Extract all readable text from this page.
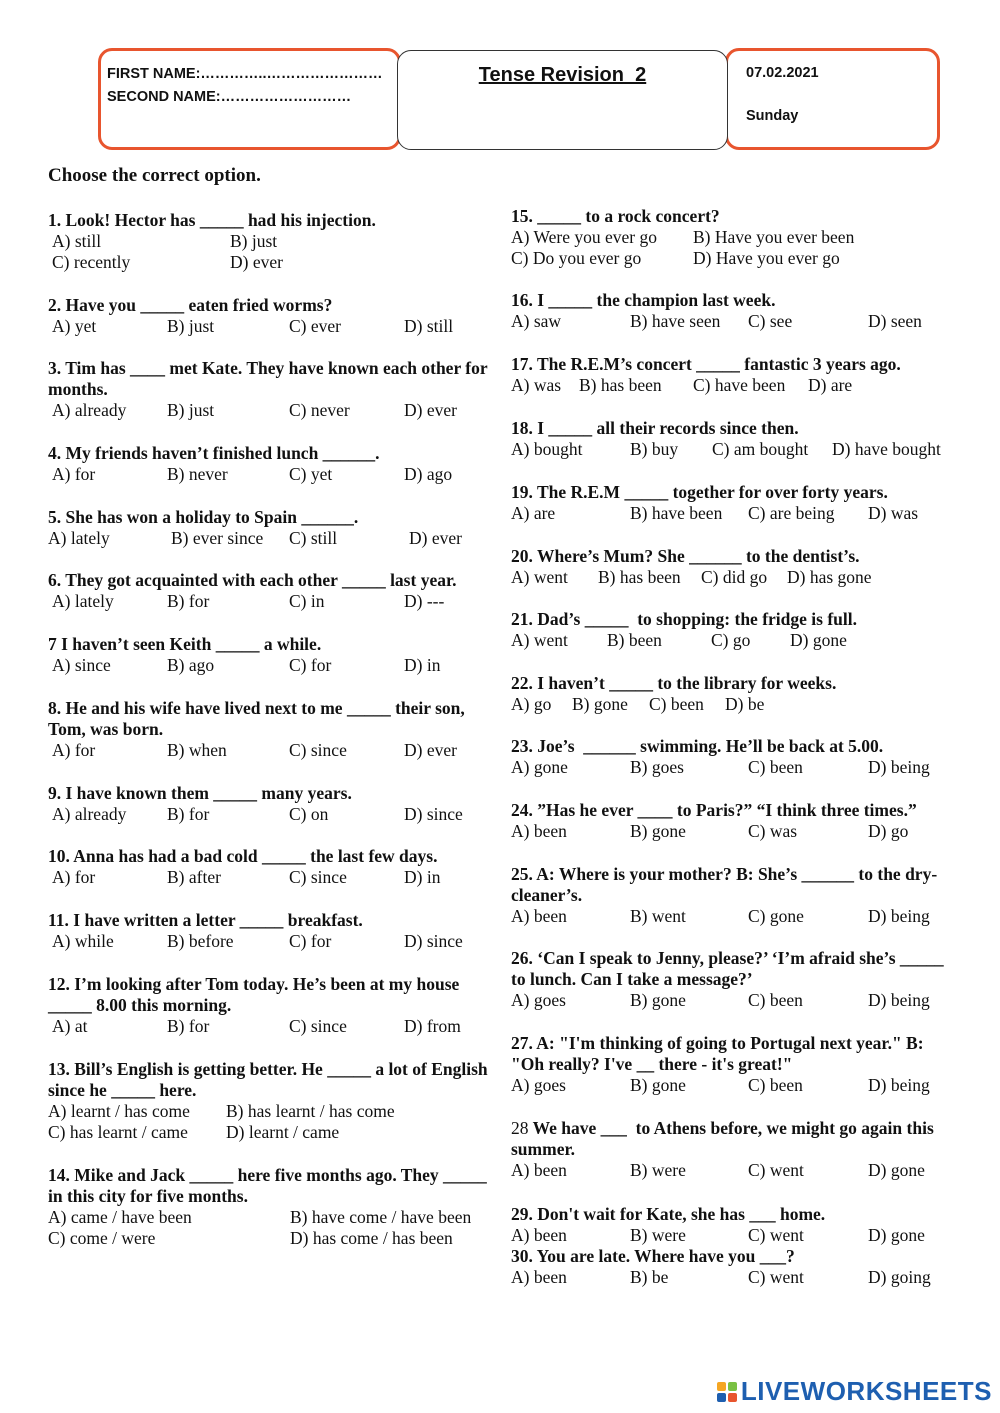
FIRST NAME:…………..……………………
SECOND NAME:………………………
Tense Revision  2	07.02.2021
Sunday
Choose the correct option.
1. Look! Hector has _____ had his injection.
A) still	B) just
C) recently	D) ever
2. Have you _____ eaten fried worms?
A) yet	B) just	C) ever	D) still
3. Tim has ____ met Kate. They have known each other for months.
A) already B) just	C) never	D) ever
4. My friends haven’t finished lunch ______.
A) for	B) never	C) yet	D) ago
5. She has won a holiday to Spain ______.
A) lately	B) ever since C) still	D) ever
6. They got acquainted with each other _____ last year.
A) lately	B) for	C) in	D) ---
7 I haven’t seen Keith _____ a while.
A) since	B) ago	C) for	D) in
8. He and his wife have lived next to me _____ their son, Tom, was born.
A) for	B) when	C) since	D) ever
9. I have known them _____ many years.
A) already B) for	C) on	D) since
10. Anna has had a bad cold _____ the last few days.
A) for	B) after	C) since	D) in
11. I have written a letter _____ breakfast.
A) while	B) before	C) for	D) since
12. I’m looking after Tom today. He’s been at my house _____ 8.00 this morning.
A) at	B) for	C) since	D) from
13. Bill’s English is getting better. He _____ a lot of English since he _____ here.
A) learnt / has come B) has learnt / has come
C) has learnt / came D) learnt / came
14. Mike and Jack _____ here five months ago. They _____ in this city for five months.
A) came / have been	B) have come / have been
C) come / were	D) has come / has been
15. _____ to a rock concert?
A) Were you ever go B) Have you ever been
C) Do you ever go	D) Have you ever go
16. I _____ the champion last week.
A) saw	B) have seen C) see	D) seen
17. The R.E.M’s concert _____ fantastic 3 years ago.
A) was B) has been C) have been D) are
18. I _____ all their records since then.
A) bought	B) buy C) am bought D) have bought
19. The R.E.M _____ together for over forty years.
A) are	B) have been C) are being D) was
20. Where’s Mum? She ______ to the dentist’s.
A) went B) has been C) did go D) has gone
21. Dad’s _____  to shopping: the fridge is full.
A) went B) been	C) go D) gone
22. I haven’t _____ to the library for weeks.
A) go B) gone C) been D) be
23. Joe’s  ______ swimming. He’ll be back at 5.00.
A) gone	B) goes	C) been	D) being
24. ”Has he ever ____ to Paris?” “I think three times.”
A) been	B) gone	C) was	D) go
25. A: Where is your mother? B: She’s ______ to the dry-cleaner’s.
A) been	B) went	C) gone	D) being
26. ‘Can I speak to Jenny, please?’ ‘I’m afraid she’s _____ to lunch. Can I take a message?’
A) goes	B) gone	C) been	D) being
27. A: "I'm thinking of going to Portugal next year." B: "Oh really? I've __ there - it's great!"
A) goes	B) gone	C) been	D) being
28 We have ___  to Athens before, we might go again this summer.
A) been	B) were	C) went	D) gone
29. Don't wait for Kate, she has ___ home.
A) been	B) were	C) went	D) gone
30. You are late. Where have you ___?
A) been	B) be	C) went	D) going
LIVEWORKSHEETS
